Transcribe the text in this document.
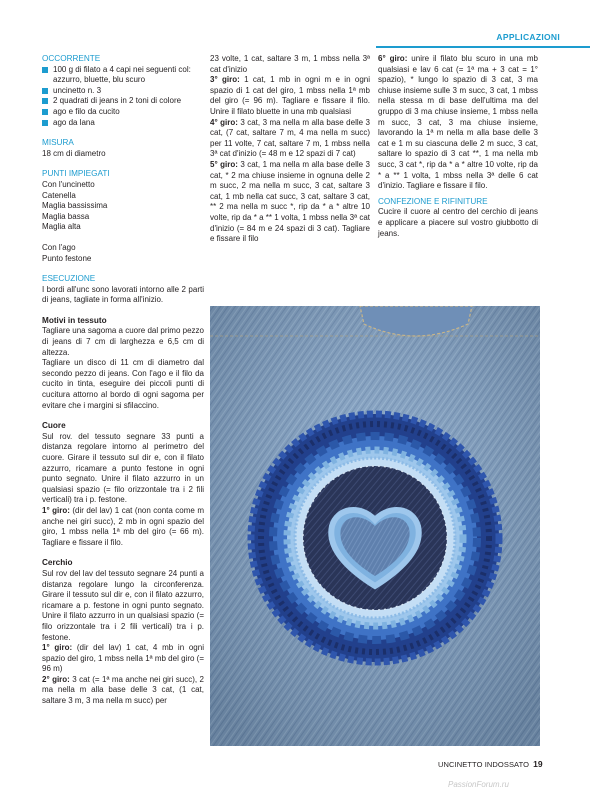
APPLICAZIONI
OCCORRENTE
100 g di filato a 4 capi nei seguenti col: azzurro, bluette, blu scuro
uncinetto n. 3
2 quadrati di jeans in 2 toni di colore
ago e filo da cucito
ago da lana
MISURA

18 cm di diametro

PUNTI IMPIEGATI

Con l'uncinetto

Catenella

Maglia bassissima

Maglia bassa

Maglia alta

Con l'ago

Punto festone

ESECUZIONE

I bordi all'unc sono lavorati intorno alle 2 parti di jeans, tagliate in forma all'inizio.

Motivi in tessuto

Tagliare una sagoma a cuore dal primo pezzo di jeans di 7 cm di larghezza e 6,5 cm di altezza.

Tagliare un disco di 11 cm di diametro dal secondo pezzo di jeans. Con l'ago e il filo da cucito in tinta, eseguire dei piccoli punti di cucitura attorno al bordo di ogni sagoma per evitare che i margini si sfilaccino.

Cuore

Sul rov. del tessuto segnare 33 punti a distanza regolare intorno al perimetro del cuore. Girare il tessuto sul dir e, con il filato azzurro, ricamare a punto festone in ogni punto segnato. Unire il filato azzurro in un qualsiasi spazio (= filo orizzontale tra i 2 fili verticali) tra i p. festone.

1° giro: (dir del lav) 1 cat (non conta come m anche nei giri succ), 2 mb in ogni spazio del giro, 1 mbss nella 1ª mb del giro (= 66 m). Tagliare e fissare il filo.

Cerchio

Sul rov del lav del tessuto segnare 24 punti a distanza regolare lungo la circonferenza. Girare il tessuto sul dir e, con il filato azzurro, ricamare a p. festone in ogni punto segnato. Unire il filato azzurro in un qualsiasi spazio (= filo orizzontale tra i 2 fili verticali) tra i p. festone.

1° giro: (dir del lav) 1 cat, 4 mb in ogni spazio del giro, 1 mbss nella 1ª mb del giro (= 96 m)

2° giro: 3 cat (= 1ª ma anche nei giri succ), 2 ma nella m alla base delle 3 cat, (1 cat, saltare 3 m, 3 ma nella m succ) per

23 volte, 1 cat, saltare 3 m, 1 mbss nella 3ª cat d'inizio

3° giro: 1 cat, 1 mb in ogni m e in ogni spazio di 1 cat del giro, 1 mbss nella 1ª mb del giro (= 96 m). Tagliare e fissare il filo. Unire il filato bluette in una mb qualsiasi

4° giro: 3 cat, 3 ma nella m alla base delle 3 cat, (7 cat, saltare 7 m, 4 ma nella m succ) per 11 volte, 7 cat, saltare 7 m, 1 mbss nella 3ª cat d'inizio (= 48 m e 12 spazi di 7 cat)

5° giro: 3 cat, 1 ma nella m alla base delle 3 cat, * 2 ma chiuse insieme in ognuna delle 2 m succ, 2 ma nella m succ, 3 cat, saltare 3 cat, 1 mb nella cat succ, 3 cat, saltare 3 cat, ** 2 ma nella m succ *, rip da * a * altre 10 volte, rip da * a ** 1 volta, 1 mbss nella 3ª cat d'inizio (= 84 m e 24 spazi di 3 cat). Tagliare e fissare il filo

6° giro: unire il filato blu scuro in una mb qualsiasi e lav 6 cat (= 1ª ma + 3 cat = 1° spazio), * lungo lo spazio di 3 cat, 3 ma chiuse insieme sulle 3 m succ, 3 cat, 1 mbss nella stessa m di base dell'ultima ma del gruppo di 3 ma chiuse insieme, 1 mbss nella m succ, 3 cat, 3 ma chiuse insieme, lavorando la 1ª m nella m alla base delle 3 cat e 1 m su ciascuna delle 2 m succ, 3 cat, saltare lo spazio di 3 cat **, 1 ma nella mb succ, 3 cat *, rip da * a * altre 10 volte, rip da * a ** 1 volta, 1 mbss nella 3ª delle 6 cat d'inizio. Tagliare e fissare il filo.

CONFEZIONE E RIFINITURE

Cucire il cuore al centro del cerchio di jeans e applicare a piacere sul vostro giubbotto di jeans.

UNCINETTO INDOSSATO 19
PassionForum.ru
